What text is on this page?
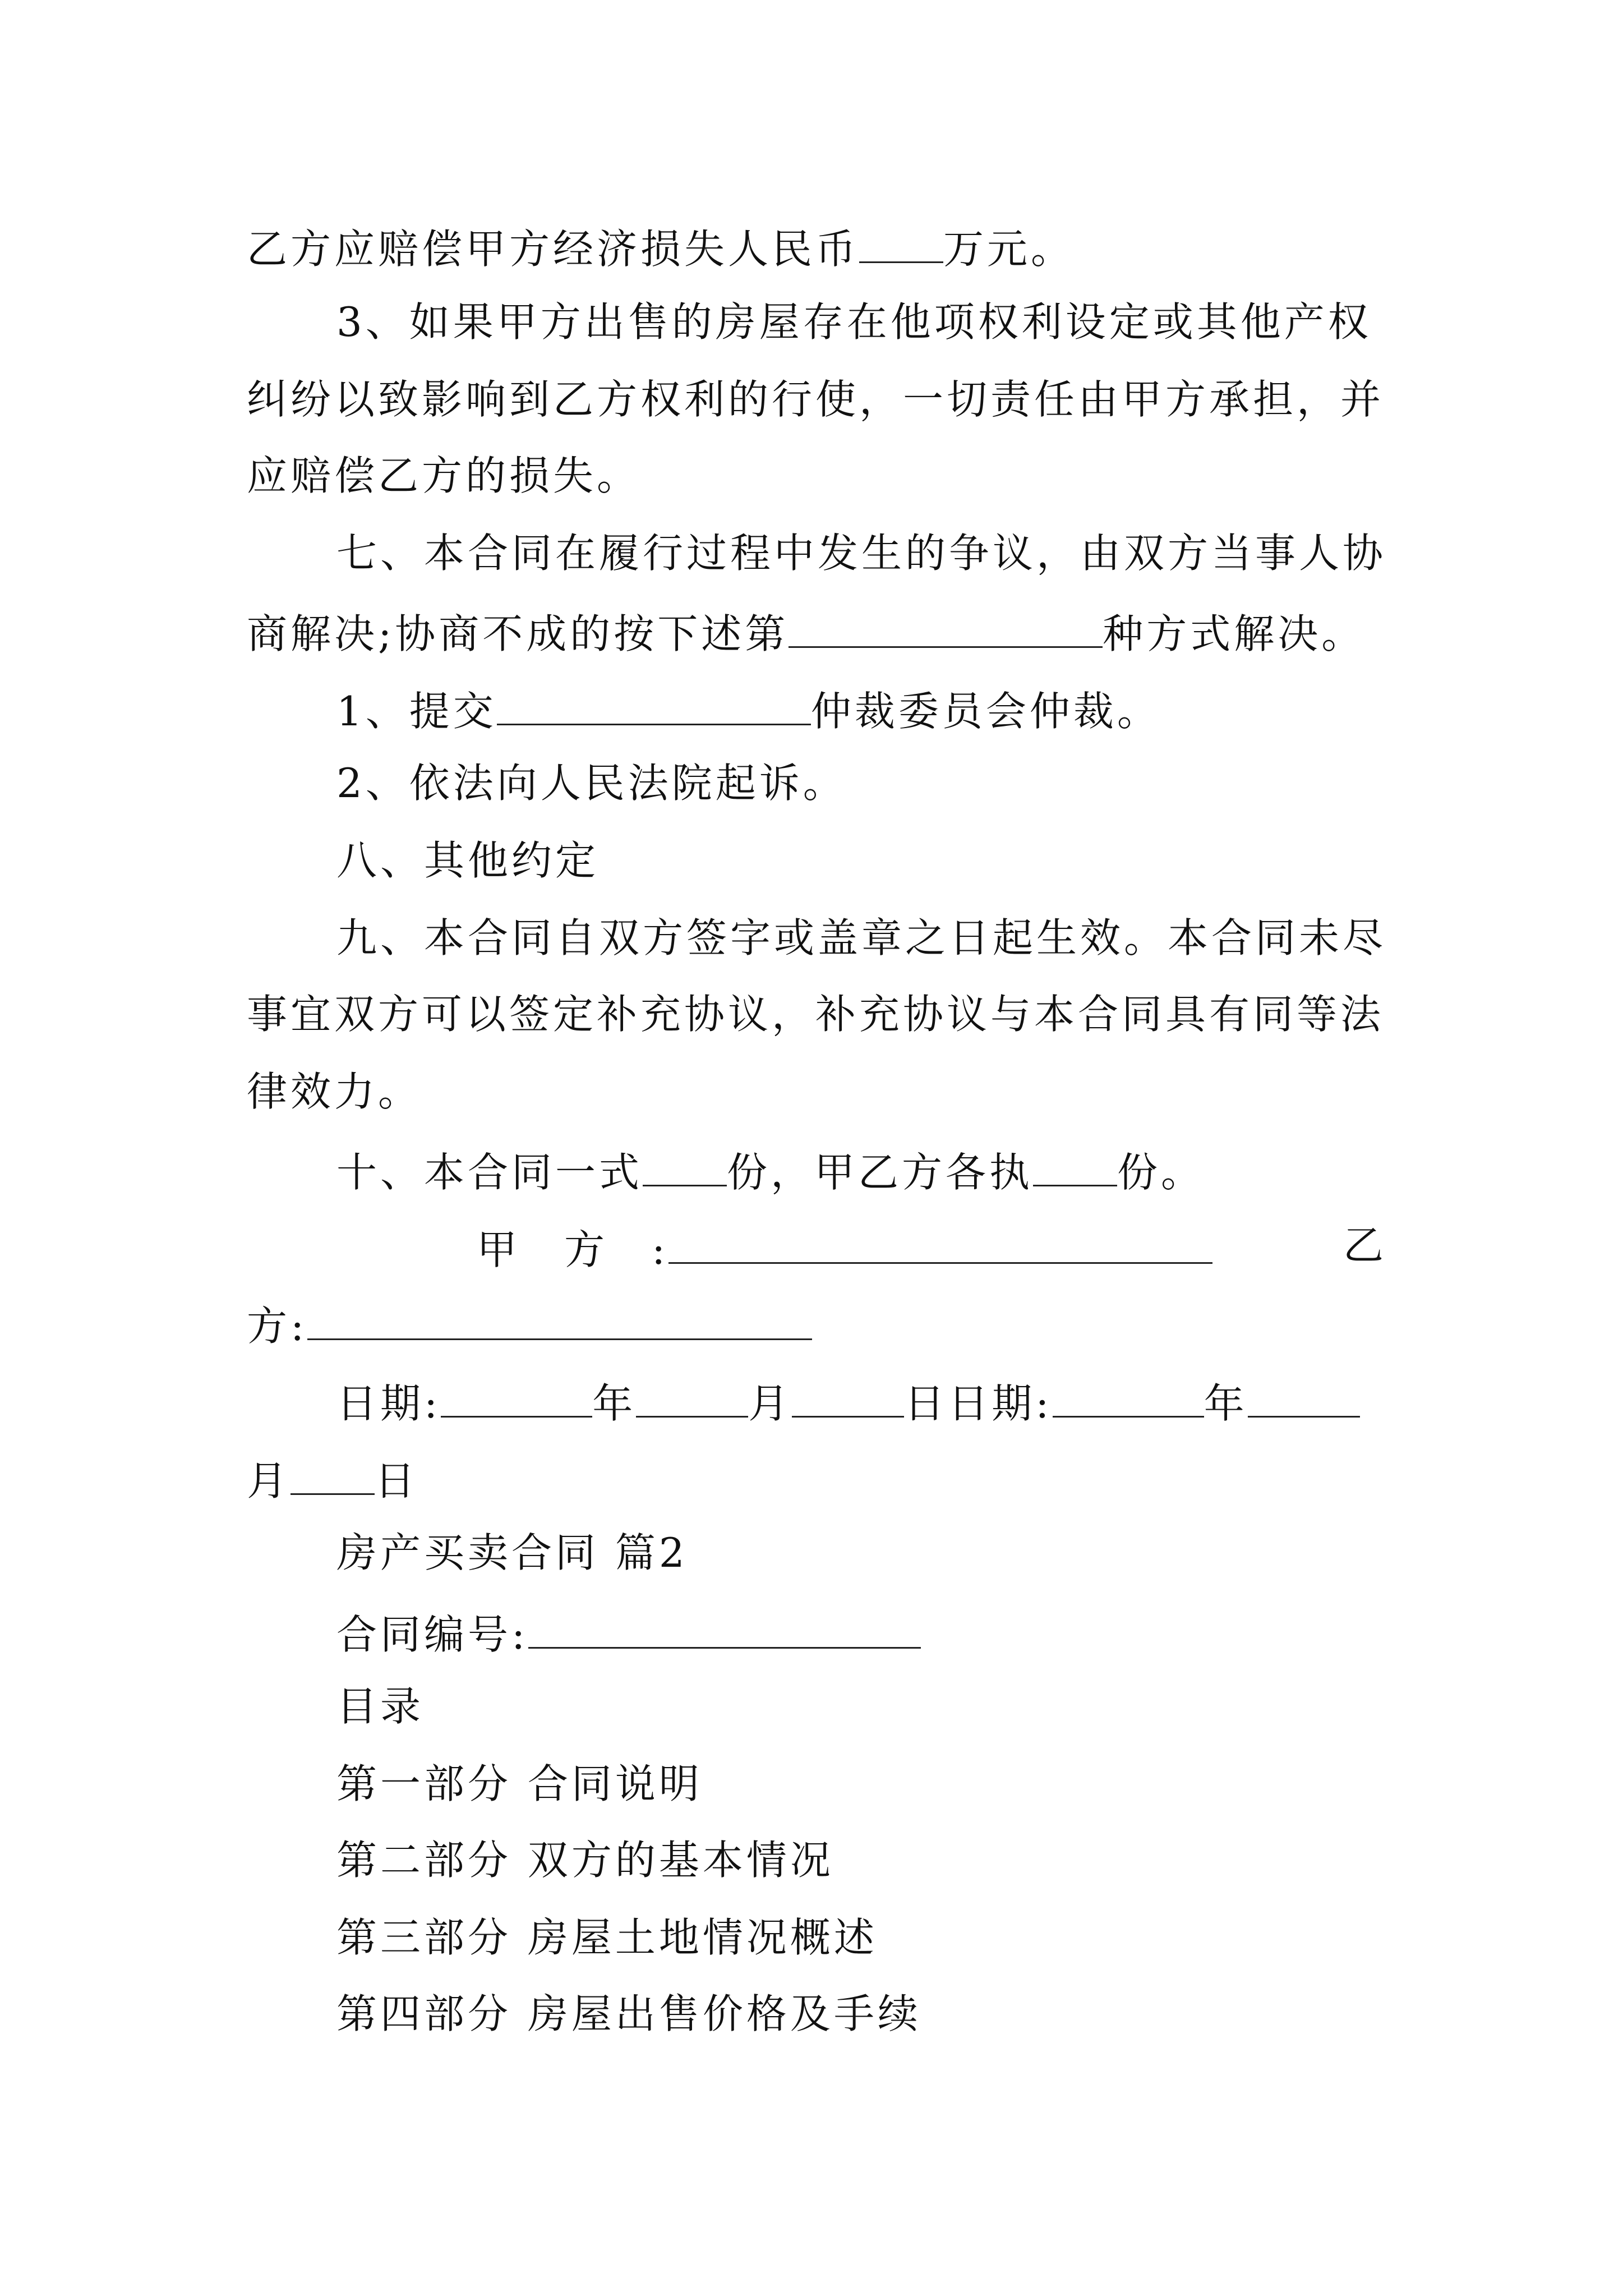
乙方应赔偿甲方经济损失人民币 万元。
3、如果甲方出售的房屋存在他项权利设定或其他产权
纠纷以致影响到乙方权利的行使，一切责任由甲方承担，并
应赔偿乙方的损失。
七、本合同在履行过程中发生的争议，由双方当事人协
商解决;协商不成的按下述第	种方式解决。
1、提交	仲裁委员会仲裁。
2、依法向人民法院起诉。
八、其他约定
九、本合同自双方签字或盖章之日起生效。本合同未尽
事宜双方可以签定补充协议，补充协议与本合同具有同等法
律效力。
十、本合同一式 份，甲乙方各执 份。
甲　方　:	乙
方:
日期:	年	月	日日期:	年
月 日
房产买卖合同 篇2
合同编号:
目录
第一部分 合同说明
第二部分 双方的基本情况
第三部分 房屋土地情况概述
第四部分 房屋出售价格及手续
